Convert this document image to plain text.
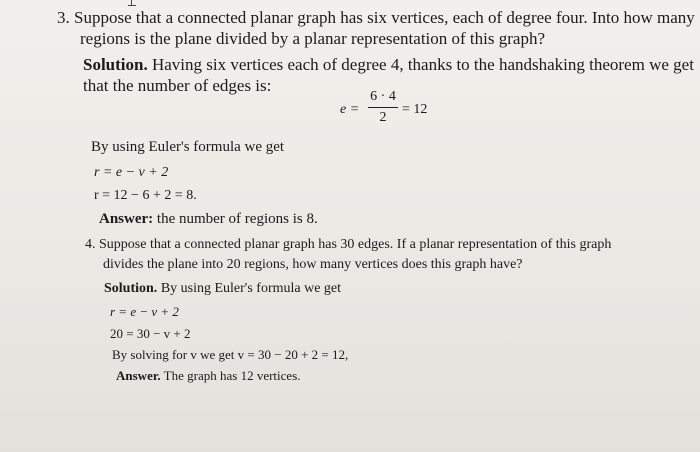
3. Suppose that a connected planar graph has six vertices, each of degree four. Into how many
regions is the plane divided by a planar representation of this graph?
Solution. Having six vertices each of degree 4, thanks to the handshaking theorem we get
that the number of edges is:
e =
6 · 4
2
= 12
By using Euler's formula we get
r = e − v + 2
r = 12 − 6 + 2 = 8.
Answer: the number of regions is 8.
4. Suppose that a connected planar graph has 30 edges. If a planar representation of this graph
divides the plane into 20 regions, how many vertices does this graph have?
Solution. By using Euler's formula we get
r = e − v + 2
20 = 30 − v + 2
By solving for v we get v = 30 − 20 + 2 = 12,
Answer. The graph has 12 vertices.
